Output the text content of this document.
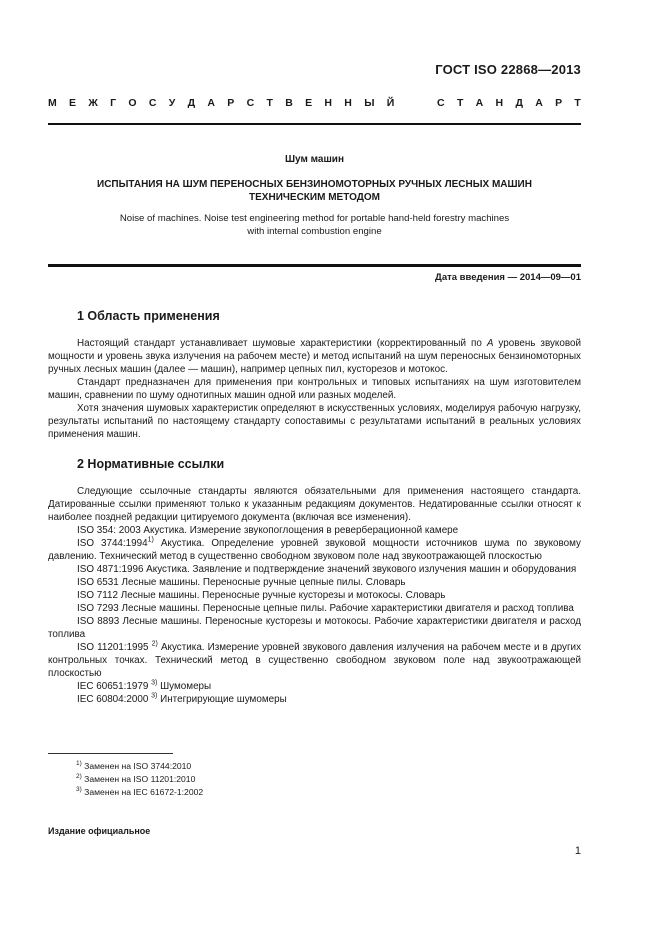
ГОСТ ISO 22868—2013
М Е Ж Г О С У Д А Р С Т В Е Н Н Ы Й

	С Т А Н Д А Р Т
Шум машин
ИСПЫТАНИЯ НА ШУМ ПЕРЕНОСНЫХ БЕНЗИНОМОТОРНЫХ РУЧНЫХ ЛЕСНЫХ МАШИН
ТЕХНИЧЕСКИМ МЕТОДОМ
Noise of machines. Noise test engineering method for portable hand-held forestry machines
with internal combustion engine
Дата введения — 2014—09—01
1 Область применения

Настоящий стандарт устанавливает шумовые характеристики (корректированный по A уровень звуковой мощности и уровень звука излучения на рабочем месте) и метод испытаний на шум переносных бензиномоторных ручных лесных машин (далее — машин), например цепных пил, кусторезов и мотокос.

Стандарт предназначен для применения при контрольных и типовых испытаниях на шум изготовителем машин, сравнении по шуму однотипных машин одной или разных моделей.

Хотя значения шумовых характеристик определяют в искусственных условиях, моделируя рабочую нагрузку, результаты испытаний по настоящему стандарту сопоставимы с результатами испытаний в реальных условиях применения машин.

2 Нормативные ссылки

Следующие ссылочные стандарты являются обязательными для применения настоящего стандарта. Датированные ссылки применяют только к указанным редакциям документов. Недатированные ссылки относят к наиболее поздней редакции цитируемого документа (включая все изменения).

ISO 354: 2003 Акустика. Измерение звукопоглощения в реверберационной камере

ISO 3744:1994$^{1)}$ Акустика. Определение уровней звуковой мощности источников шума по звуковому давлению. Технический метод в существенно свободном звуковом поле над звукоотражающей плоскостью

ISO 4871:1996 Акустика. Заявление и подтверждение значений звукового излучения машин и оборудования

ISO 6531 Лесные машины. Переносные ручные цепные пилы. Словарь

ISO 7112 Лесные машины. Переносные ручные кусторезы и мотокосы. Словарь

ISO 7293 Лесные машины. Переносные цепные пилы. Рабочие характеристики двигателя и расход топлива

ISO 8893 Лесные машины. Переносные кусторезы и мотокосы. Рабочие характеристики двигателя и расход топлива

ISO 11201:1995 $^{2)}$ Акустика. Измерение уровней звукового давления излучения на рабочем месте и в других контрольных точках. Технический метод в существенно свободном звуковом поле над звукоотражающей плоскостью

IEC 60651:1979 $^{3)}$ Шумомеры

IEC 60804:2000 $^{3)}$ Интегрирующие шумомеры

$^{1)}$ Заменен на ISO 3744:2010
$^{2)}$ Заменен на ISO 11201:2010
$^{3)}$ Заменен на IEC 61672-1:2002
Издание официальное
1
